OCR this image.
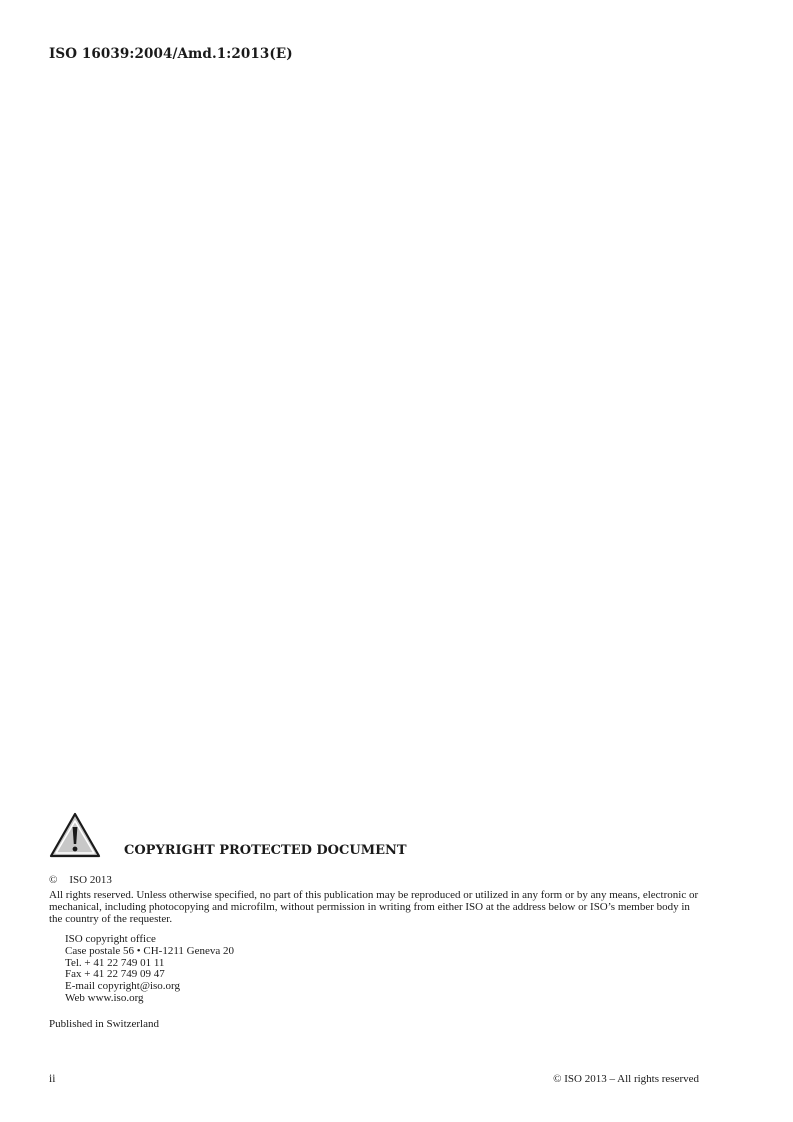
ISO 16039:2004/Amd.1:2013(E)
COPYRIGHT PROTECTED DOCUMENT
© ISO 2013
All rights reserved. Unless otherwise specified, no part of this publication may be reproduced or utilized in any form or by any means, electronic or mechanical, including photocopying and microfilm, without permission in writing from either ISO at the address below or ISO’s member body in the country of the requester.
ISO copyright office
Case postale 56 • CH-1211 Geneva 20
Tel. + 41 22 749 01 11
Fax + 41 22 749 09 47
E-mail copyright@iso.org
Web www.iso.org
Published in Switzerland
ii	© ISO 2013 – All rights reserved
